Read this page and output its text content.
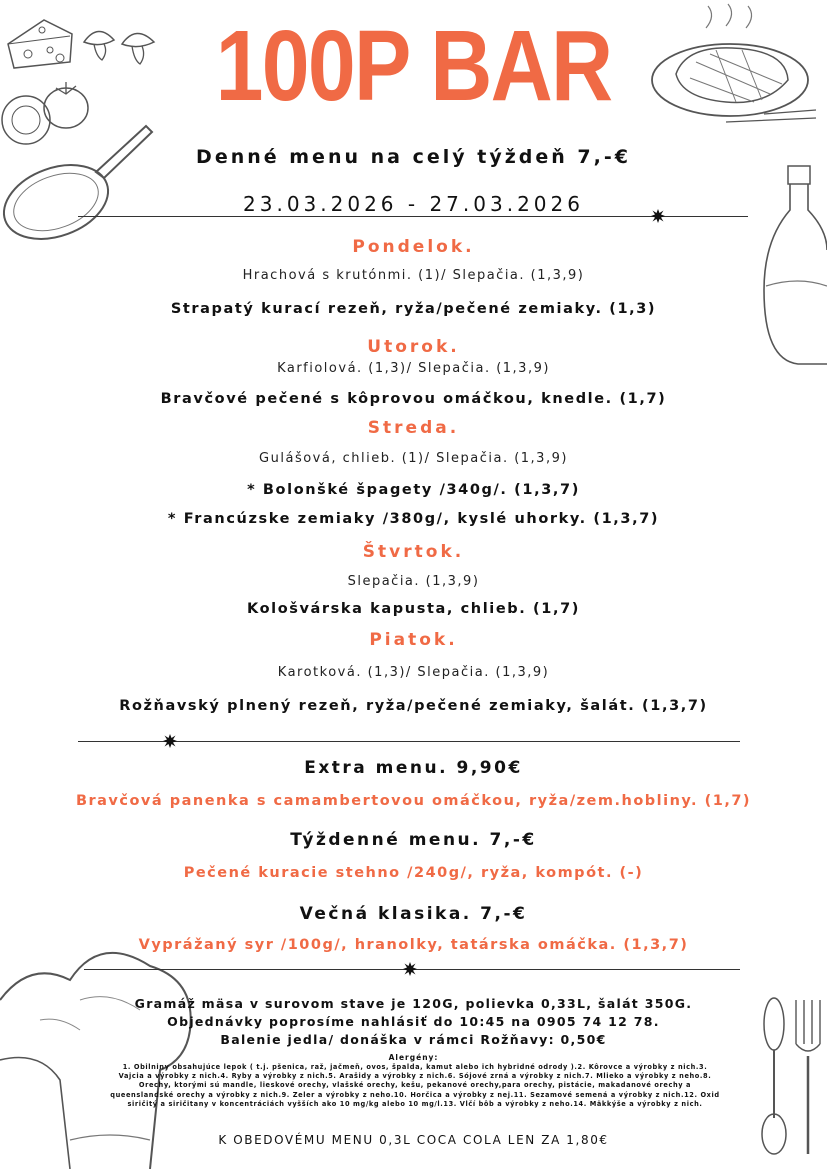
100P BAR
Denné menu na celý týždeň 7,-€
23.03.2026 - 27.03.2026
Pondelok.
Hrachová s krutónmi. (1)/ Slepačia. (1,3,9)
Strapatý kurací rezeň, ryža/pečené zemiaky. (1,3)
Utorok.
Karfiolová. (1,3)/ Slepačia. (1,3,9)
Bravčové pečené s kôprovou omáčkou, knedle. (1,7)
Streda.
Gulášová, chlieb. (1)/ Slepačia. (1,3,9)
* Bolonšké špagety /340g/. (1,3,7)
* Francúzske zemiaky /380g/, kyslé uhorky. (1,3,7)
Štvrtok.
Slepačia. (1,3,9)
Kološvárska kapusta, chlieb. (1,7)
Piatok.
Karotková. (1,3)/ Slepačia. (1,3,9)
Rožňavský plnený rezeň, ryža/pečené zemiaky, šalát. (1,3,7)
Extra menu. 9,90€
Bravčová panenka s camambertovou omáčkou, ryža/zem.hobliny. (1,7)
Týždenné menu. 7,-€
Pečené kuracie stehno /240g/, ryža, kompót. (-)
Večná klasika. 7,-€
Vyprážaný syr /100g/, hranolky, tatárska omáčka. (1,3,7)
Gramáž mäsa v surovom stave je 120G, polievka 0,33L, šalát 350G.
Objednávky poprosíme nahlásiť do 10:45 na 0905 74 12 78.
Balenie jedla/ donáška v rámci Rožňavy: 0,50€
Alergény:
1. Obilniny obsahujúce lepok ( t.j. pšenica, raž, jačmeň, ovos, špalda, kamut alebo ich hybridné odrody ).2. Kôrovce a výrobky z nich.3. Vajcia a výrobky z nich.4. Ryby a výrobky z nich.5. Arašidy a výrobky z nich.6. Sójové zrná a výrobky z nich.7. Mlieko a výrobky z neho.8. Orechy, ktorými sú mandle, lieskové orechy, vlašské orechy, kešu, pekanové orechy,para orechy, pistácie, makadanové orechy a queenslandské orechy a výrobky z nich.9. Zeler a výrobky z neho.10. Horčica a výrobky z nej.11. Sezamové semená a výrobky z nich.12. Oxid siričitý a siričitany v koncentráciách vyšších ako 10 mg/kg alebo 10 mg/l.13. Vlčí bôb a výrobky z neho.14. Mäkkýše a výrobky z nich.
K OBEDOVÉMU MENU 0,3L COCA COLA LEN ZA 1,80€
